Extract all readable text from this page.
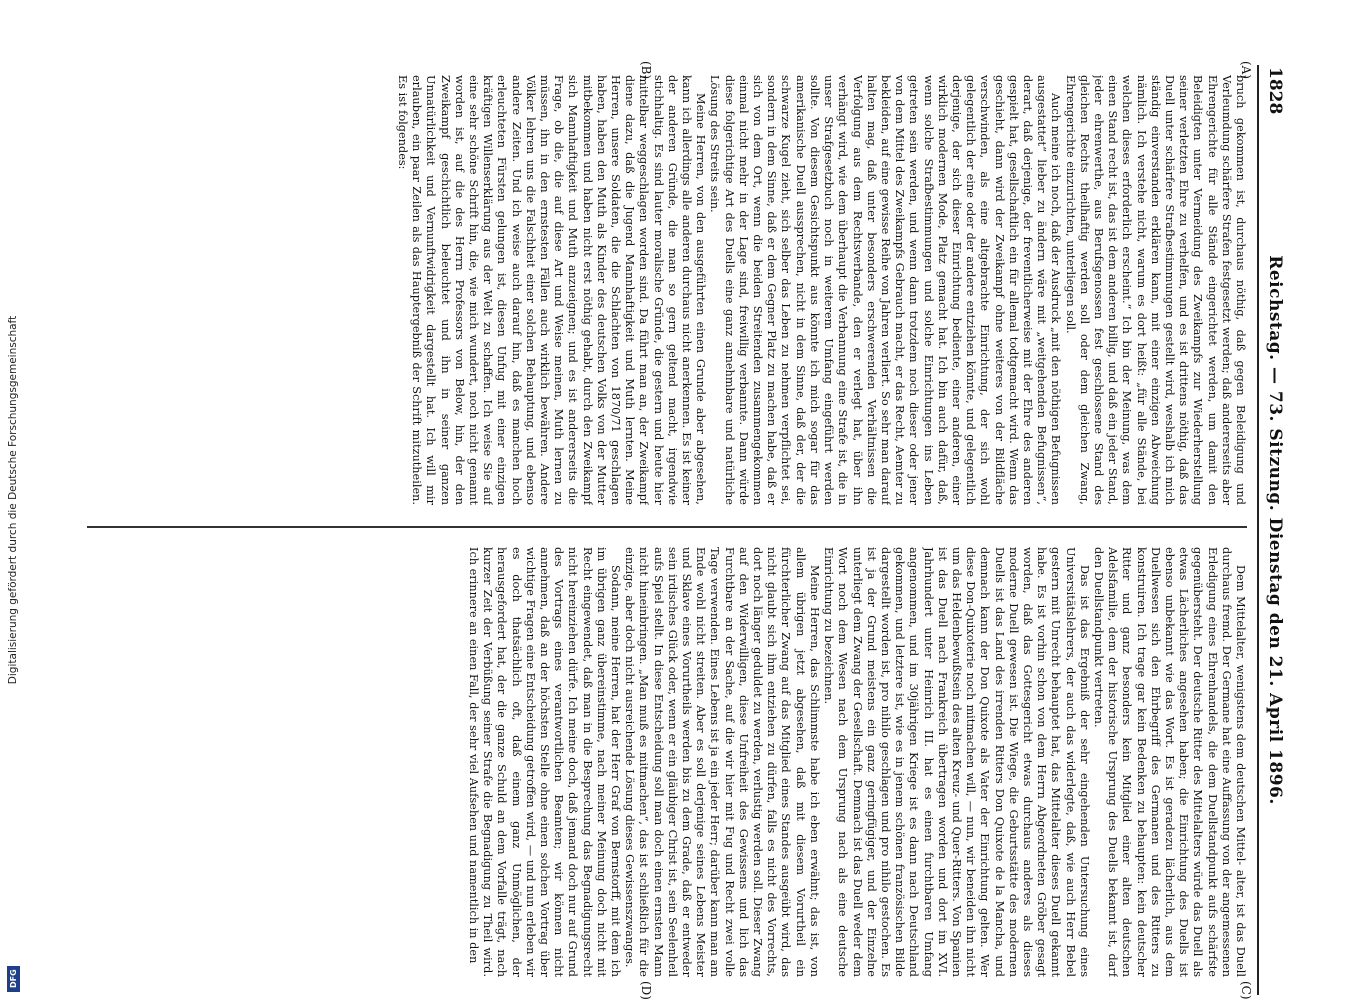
Digitalisierung gefördert durch die Deutsche Forschungsgemeinschaft
DFG
1828
Reichstag. — 73. Sitzung. Dienstag den 21. April 1896.
(A)
(B)
(C)
(D)

bruch gekommen ist, durchaus nöthig, daß gegen Beleidigung und Verleumdung schärfere Strafen festgesetzt werden; daß andererseits aber Ehrengerichte für alle Stände eingerichtet werden, um damit den Beleidigten unter Vermeidung des Zweikampfs zur Wiederherstellung seiner verletzten Ehre zu verhelfen, und es ist drittens nöthig, daß das Duell unter schärfere Strafbestimmungen gestellt wird, weshalb ich mich ständig einverstanden erklären kann, mit einer einzigen Abweichung nämlich. Ich verstehe nicht, warum es dort heißt: „für alle Stände, bei welchen dieses erforderlich erscheint.“ Ich bin der Meinung, was dem einen Stand recht ist, das ist dem anderen billig, und daß ein jeder Stand, jeder ehrenwerthe, aus Berufsgenossen fest geschlossene Stand des gleichen Rechts theilhaftig werden soll oder dem gleichen Zwang, Ehrengerichte einzurichten, unterliegen soll.

Auch meine ich noch, daß der Ausdruck „mit den nöthigen Befugnissen ausgestattet“ lieber zu ändern wäre mit „weitgehenden Befugnissen“, derart, daß derjenige, der freventlicherweise mit der Ehre des anderen gespielt hat, gesellschaftlich ein für allemal todtgemacht wird. Wenn das geschieht, dann wird der Zweikampf ohne weiteres von der Bildfläche verschwinden, als eine altgebrachte Einrichtung, der sich wohl gelegentlich der eine oder der andere entziehen könnte, und gelegentlich derjenige, der sich dieser Einrichtung bediente, einer anderen, einer wirklich modernen Mode, Platz gemacht hat. Ich bin auch dafür, daß, wenn solche Strafbestimmungen und solche Einrichtungen ins Leben getreten sein werden, und wenn dann trotzdem noch dieser oder jener von dem Mittel des Zweikampfs Gebrauch macht, er das Recht, Aemter zu bekleiden, auf eine gewisse Reihe von Jahren verliert. So sehr man darauf halten mag, daß unter besonders erschwerenden Verhältnissen die Verfolgung aus dem Rechtsverbande, den er verlegt hat, über ihn verhängt wird, wie dem überhaupt die Verbannung eine Strafe ist, die in unser Strafgesetzbuch noch in weiterem Umfang eingeführt werden sollte. Von diesem Gesichtspunkt aus könnte ich mich sogar für das amerikanische Duell aussprechen, nicht in dem Sinne, daß der, der die schwarze Kugel zieht, sich selber das Leben zu nehmen verpflichtet sei, sondern in dem Sinne, daß er dem Gegner Platz zu machen habe, daß er sich von dem Ort, wenn die beiden Streitenden zusammengekommen einmal nicht mehr in der Lage sind, freiwillig verbannte. Dann würde diese folgerichtige Art des Duells eine ganz annehmbare und natürliche Lösung des Streits sein.

Meine Herren, von den ausgeführten einen Grunde aber abgesehen, kann ich allerdings alle anderen durchaus nicht anerkennen. Es ist keiner der anderen Gründe, die man so gern geltend macht, irgendwie stichhaltig. Es sind lauter moralische Gründe, die gestern und heute hier mittelbar weggeschlagen worden sind. Da führt man an, der Zweikampf diene dazu, daß die Jugend Mannhaftigkeit und Muth lernten. Meine Herren, unsere Soldaten, die die Schlachten von 1870/71 geschlagen haben, haben den Muth als Kinder des deutschen Volks von der Mutter mitbekommen und haben nicht erst nöthig gehabt, durch den Zweikampf sich Mannhaftigkeit und Muth anzueignen; und es ist andererseits die Frage, ob die, die auf diese Art und Weise meinen, Muth lernen zu müssen, ihn in den ernstesten Fällen auch wirklich bewähren. Andere Völker lehren uns die Falschheit einer solchen Behauptung, und ebenso andere Zeiten. Und ich weise auch darauf hin, daß es manchen hoch erleuchteten Fürsten gelungen ist, diesen Unfug mit einer einzigen kräftigen Willenserklärung aus der Welt zu schaffen. Ich weise Sie auf eine sehr schöne Schrift hin, die, wie mich wundert, noch nicht genannt worden ist, auf die des Herrn Professors von Below, hin, der den Zweikampf geschichtlich beleuchtet und ihn in seiner ganzen Unnatürlichkeit und Vernunftwidrigkeit dargestellt hat. Ich will mir erlauben, ein paar Zeilen als das Hauptergebniß der Schrift mitzutheilen. Es ist folgendes:

Dem Mittelalter, wenigstens dem deutschen Mittel- alter, ist das Duell durchaus fremd. Der Germane hat eine Auffassung von der angemessenen Erledigung eines Ehrenhandels, die dem Duellstandpunkt aufs schärfste gegenübersteht. Der deutsche Ritter des Mittelalters würde das Duell als etwas Lächerliches angesehen haben; die Einrichtung des Duells ist ebenso unbekannt wie das Wort. Es ist geradezu lächerlich, aus dem Duellwesen sich den Ehrbegriff des Germanen und des Ritters zu konstruiren. Ich trage gar kein Bedenken zu behaupten: kein deutscher Ritter und ganz besonders kein Mitglied einer alten deutschen Adelsfamilie, dem der historische Ursprung des Duells bekannt ist, darf den Duellstandpunkt vertreten.

Das ist das Ergebniß der sehr eingehenden Untersuchung eines Universitätslehrers, der auch das widerlegte, daß, wie auch Herr Bebel gestern mit Unrecht behauptet hat, das Mittelalter dieses Duell gekannt habe. Es ist vorhin schon von dem Herrn Abgeordneten Gröber gesagt worden, daß das Gottesgericht etwas durchaus anderes als dieses moderne Duell gewesen ist. Die Wiege, die Geburtsstätte des modernen Duells ist das Land des irrenden Ritters Don Quixote de la Mancha, und demnach kann der Don Quixote als Vater der Einrichtung gelten. Wer diese Don-Quixoterie noch mitmachen will, — nun, wir beneiden ihn nicht um das Heldenbewußtsein des alten Kreuz- und Quer-Ritters. Von Spanien ist das Duell nach Frankreich übertragen worden und dort im XVI. Jahrhundert unter Heinrich III. hat es einen furchtbaren Umfang angenommen, und im 30jährigen Kriege ist es dann nach Deutschland gekommen, und letztere ist, wie es in jenem schönen französischen Bilde dargestellt worden ist, pro nihilo geschlagen und pro nihilo gestochen. Es ist ja der Grund meistens ein ganz geringfügiger, und der Einzelne unterliegt dem Zwang der Gesellschaft. Demnach ist das Duell weder dem Wort noch dem Wesen nach dem Ursprung nach als eine deutsche Einrichtung zu bezeichnen.

Meine Herren, das Schlimmste habe ich eben erwähnt; das ist, von allem übrigen jetzt abgesehen, daß mit diesem Vorurtheil ein fürchterlicher Zwang auf das Mitglied eines Standes ausgeübt wird, das nicht glaubt sich ihm entziehen zu dürfen, falls es nicht des Vorrechts, dort noch länger geduldet zu werden, verlustig werden soll. Dieser Zwang auf den Widerwilligen, diese Unfreiheit des Gewissens und lich das Furchtbare an der Sache, auf die wir hier mit Fug und Recht zwei volle Tage verwenden. Eines Lebens ist ja ein jeder Herr; darüber kann man am Ende wohl nicht streiten. Aber es soll derjenige seines Lebens Meister und Sklave eines Vorurtheils werden bis zu dem Grade, daß er entweder sein irdisches Glück oder, wenn er ein gläubiger Christ ist, sein Seelenheil aufs Spiel stellt. In diese Entscheidung soll man doch einen ernsten Mann nicht hineinbringen. „Man muß es mitmachen“, das ist schließlich für die einzige, aber doch nicht ausreichende Lösung dieses Gewissenszwanges.

Sodann, meine Herren, hat der Herr Graf von Bernstorff, mit dem ich im übrigen ganz übereinstimme, nach meiner Meinung doch nicht mit Recht eingewendet, daß man in die Besprechung das Begnadigungsrecht nicht hereinziehen dürfe. Ich meine doch, daß jemand doch nur auf Grund des Vortrags eines verantwortlichen Beamten; wir können nicht annehmen, daß an der höchsten Stelle ohne einen solchen Vortrag über wichtige Fragen eine Entscheidung getroffen wird, — und nun erleben wir es doch thatsächlich oft, daß einem ganz Unmöglichen, der herausgefordert hat, der die ganze Schuld an dem Vorfalle trägt, nach kurzer Zeit der Verbüßung seiner Strafe die Begnadigung zu Theil wird. Ich erinnere an einen Fall, der sehr viel Aufsehen und namentlich in den
